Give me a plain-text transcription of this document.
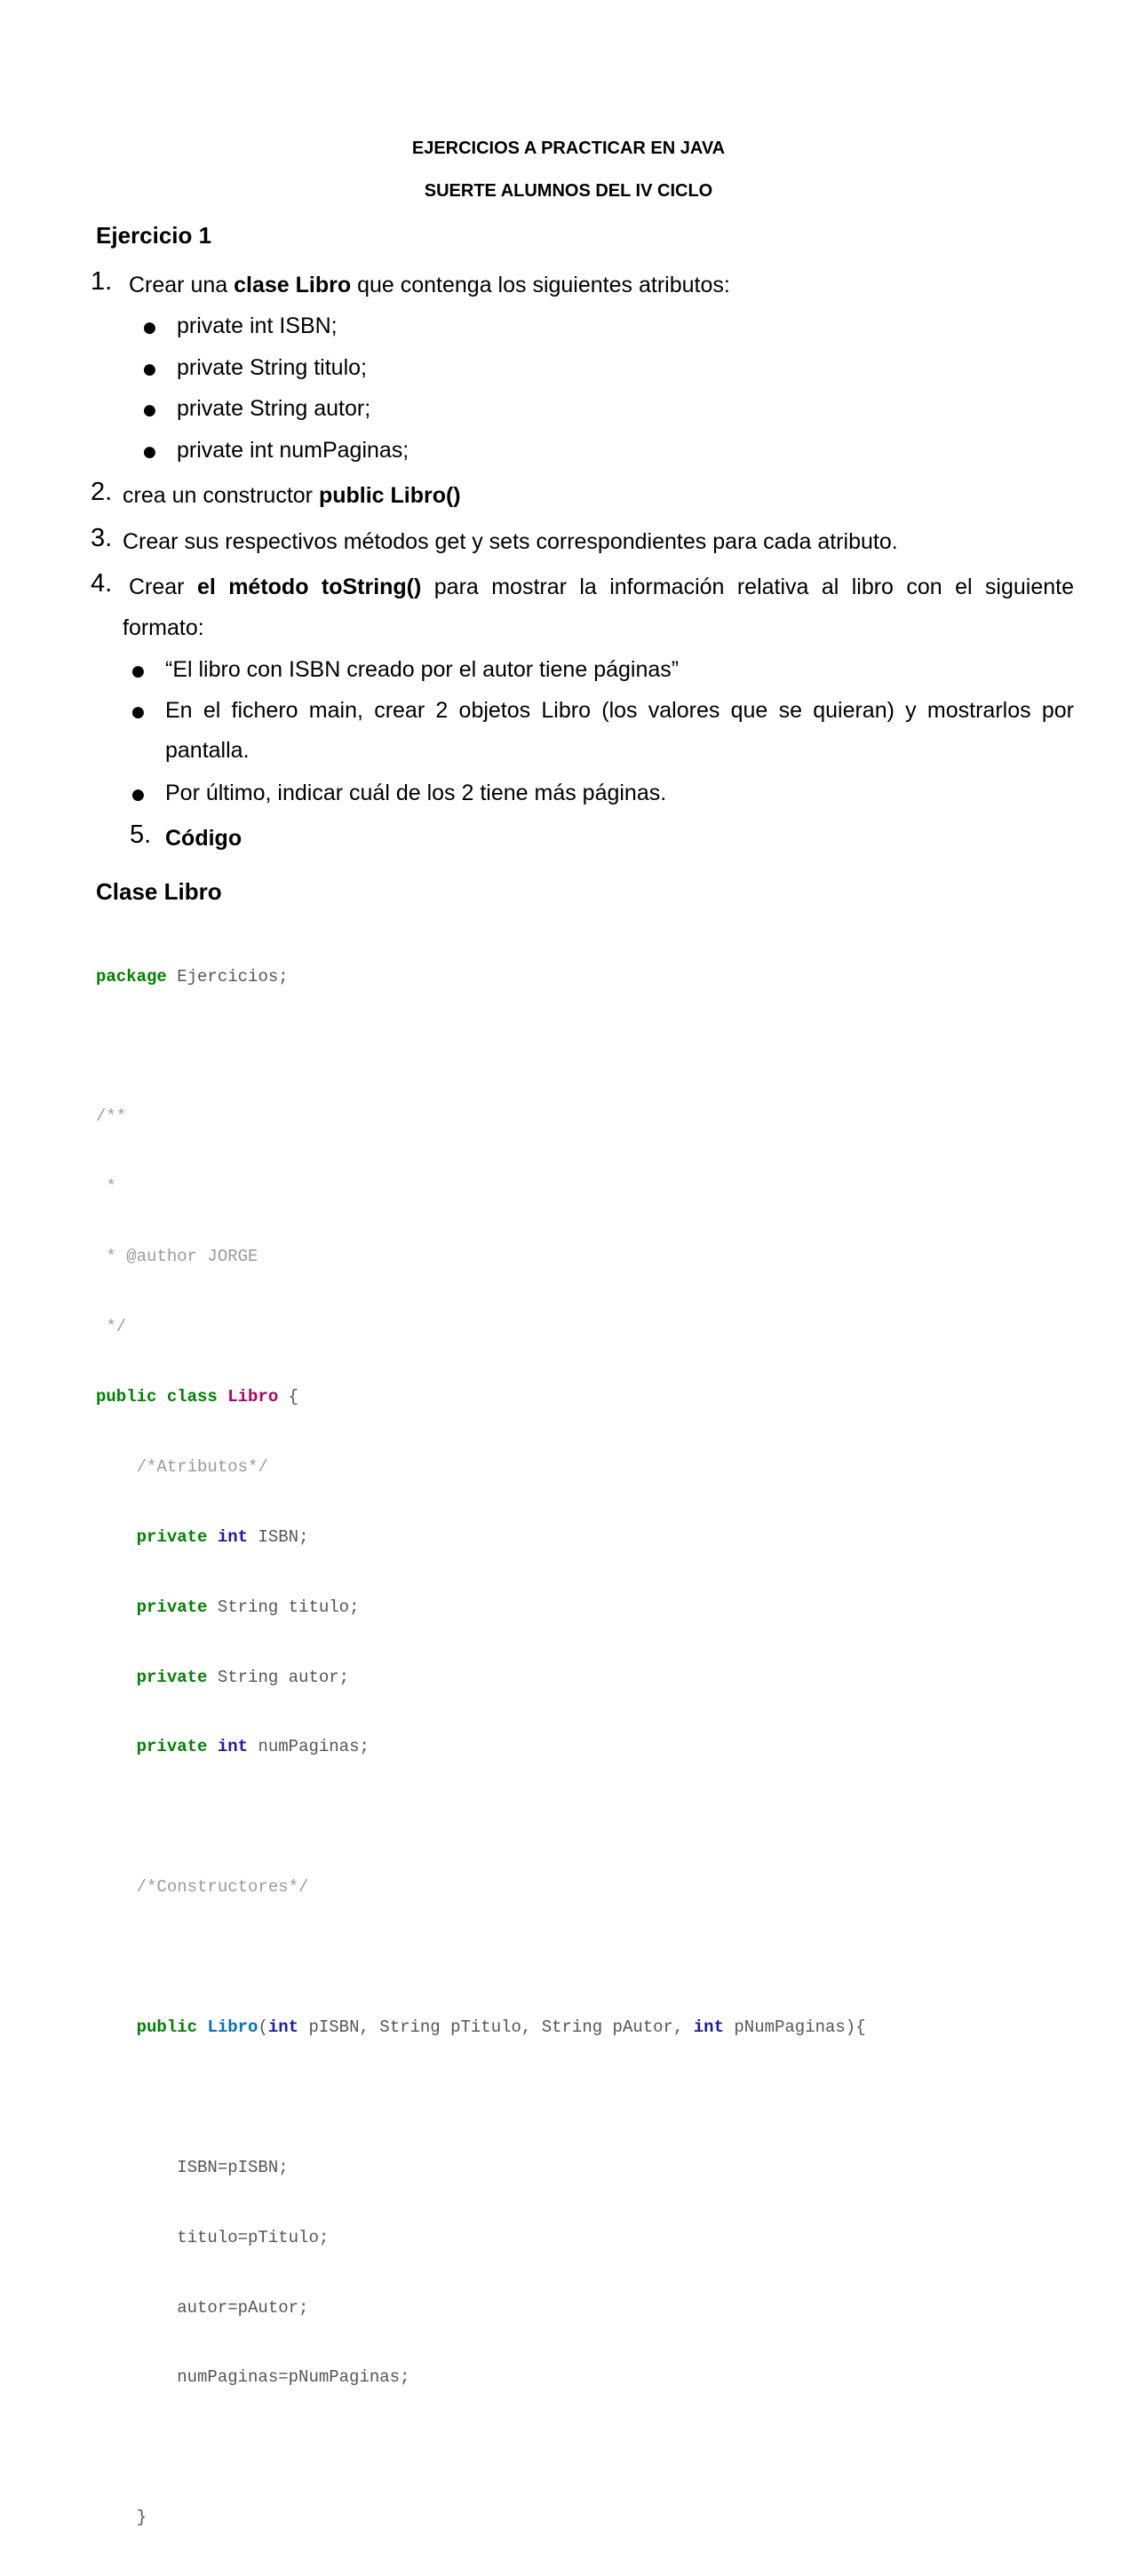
EJERCICIOS A PRACTICAR EN JAVA
SUERTE ALUMNOS DEL IV CICLO
Ejercicio 1
1. Crear una clase Libro que contenga los siguientes atributos:
● private int ISBN;
● private String titulo;
● private String autor;
● private int numPaginas;
2. crea un constructor public Libro()
3. Crear sus respectivos métodos get y sets correspondientes para cada atributo.
4. Crear el método toString() para mostrar la información relativa al libro con el siguiente
formato:
● “El libro con ISBN creado por el autor tiene páginas”
● En el fichero main, crear 2 objetos Libro (los valores que se quieran) y mostrarlos por
pantalla.
● Por último, indicar cuál de los 2 tiene más páginas.
5. Código
Clase Libro

package Ejercicios;

/**

*

* @author JORGE

*/

public class Libro {

/*Atributos*/

private int ISBN;

private String titulo;

private String autor;

private int numPaginas;

/*Constructores*/

public Libro(int pISBN, String pTitulo, String pAutor, int pNumPaginas){

ISBN=pISBN;

titulo=pTitulo;

autor=pAutor;

numPaginas=pNumPaginas;

}
